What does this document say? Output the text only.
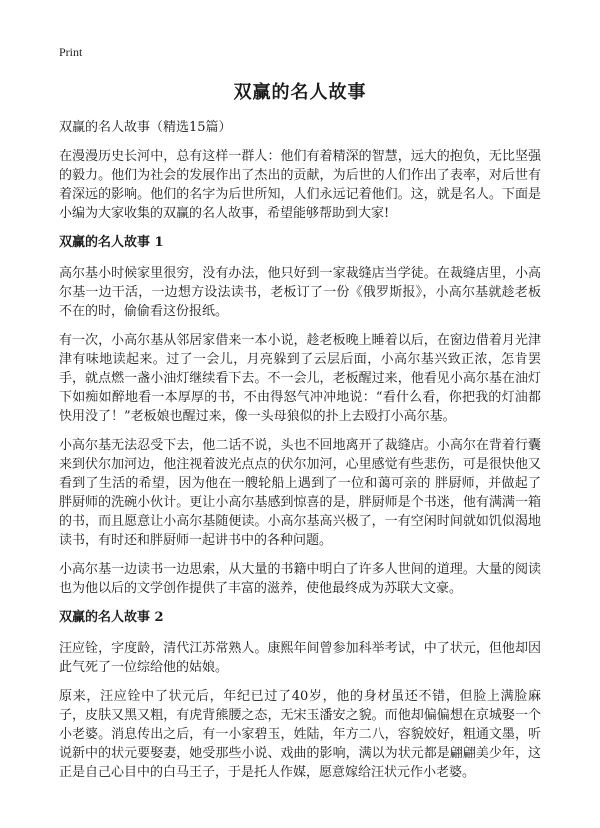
Print
双赢的名人故事
双赢的名人故事（精选15篇）
在漫漫历史长河中，总有这样一群人：他们有着精深的智慧，远大的抱负，无比坚强的毅力。他们为社会的发展作出了杰出的贡献，为后世的人们作出了表率，对后世有着深远的影响。他们的名字为后世所知，人们永远记着他们。这，就是名人。下面是小编为大家收集的双赢的名人故事，希望能够帮助到大家!
双赢的名人故事 1
高尔基小时候家里很穷，没有办法，他只好到一家裁缝店当学徒。在裁缝店里，小高尔基一边干活，一边想方设法读书，老板订了一份《俄罗斯报》，小高尔基就趁老板不在的时，偷偷看这份报纸。
有一次，小高尔基从邻居家借来一本小说，趁老板晚上睡着以后，在窗边借着月光津津有味地读起来。过了一会儿，月亮躲到了云层后面，小高尔基兴致正浓，怎肯罢手，就点燃一盏小油灯继续看下去。不一会儿，老板醒过来，他看见小高尔基在油灯下如痴如醉地看一本厚厚的书，不由得怒气冲冲地说：“看什么看，你把我的灯油都快用没了！”老板娘也醒过来，像一头母狼似的扑上去殴打小高尔基。
小高尔基无法忍受下去，他二话不说，头也不回地离开了裁缝店。小高尔在背着行囊来到伏尔加河边，他注视着波光点点的伏尔加河，心里感觉有些悲伤，可是很快他又看到了生活的希望，因为他在一艘轮船上遇到了一位和蔼可亲的 胖厨师，并做起了胖厨师的洗碗小伙计。更让小高尔基感到惊喜的是，胖厨师是个书迷，他有满满一箱的书，而且愿意让小高尔基随便读。小高尔基高兴极了，一有空闲时间就如饥似渴地读书，有时还和胖厨师一起讲书中的各种问题。
小高尔基一边读书一边思索，从大量的书籍中明白了许多人世间的道理。大量的阅读也为他以后的文学创作提供了丰富的滋养，使他最终成为苏联大文豪。
双赢的名人故事 2
汪应铨，字度龄，清代江苏常熟人。康熙年间曾参加科举考试，中了状元，但他却因此气死了一位综给他的姑娘。
原来，汪应铨中了状元后，年纪已过了40岁，他的身材虽还不错，但脸上满脸麻子，皮肤又黑又粗，有虎背熊腰之态，无宋玉潘安之貌。而他却偏偏想在京城娶一个小老婆。消息传出之后，有一小家碧玉，姓陆，年方二八，容貌姣好，粗通文墨，听说新中的状元要娶妻，她受那些小说、戏曲的影响，满以为状元都是翩翩美少年，这正是自己心目中的白马王子，于是托人作媒，愿意嫁给汪状元作小老婆。
